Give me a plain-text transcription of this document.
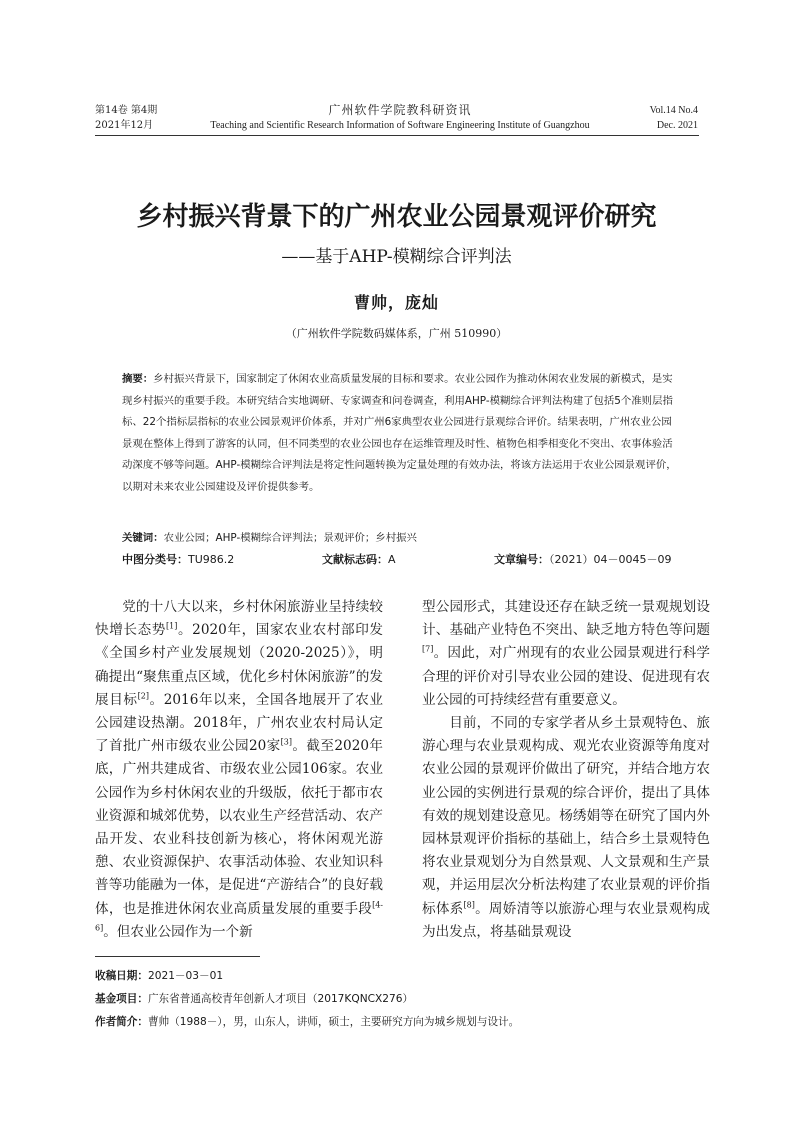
第14卷 第4期
2021年12月
广州软件学院教科研资讯
Teaching and Scientific Research Information of Software Engineering Institute of Guangzhou
Vol.14 No.4
Dec. 2021
乡村振兴背景下的广州农业公园景观评价研究
——基于AHP-模糊综合评判法
曹帅，庞灿
（广州软件学院数码媒体系，广州 510990）
摘要：乡村振兴背景下，国家制定了休闲农业高质量发展的目标和要求。农业公园作为推动休闲农业发展的新模式，是实现乡村振兴的重要手段。本研究结合实地调研、专家调查和问卷调查，利用AHP-模糊综合评判法构建了包括5个准则层指标、22个指标层指标的农业公园景观评价体系，并对广州6家典型农业公园进行景观综合评价。结果表明，广州农业公园景观在整体上得到了游客的认同，但不同类型的农业公园也存在运维管理及时性、植物色相季相变化不突出、农事体验活动深度不够等问题。AHP-模糊综合评判法是将定性问题转换为定量处理的有效办法，将该方法运用于农业公园景观评价，以期对未来农业公园建设及评价提供参考。
关键词：农业公园；AHP-模糊综合评判法；景观评价；乡村振兴
中图分类号：TU986.2	文献标志码：A	文章编号：（2021）04－0045－09

党的十八大以来，乡村休闲旅游业呈持续较快增长态势[1]。2020年，国家农业农村部印发《全国乡村产业发展规划（2020-2025）》，明确提出“聚焦重点区域，优化乡村休闲旅游”的发展目标[2]。2016年以来，全国各地展开了农业公园建设热潮。2018年，广州农业农村局认定了首批广州市级农业公园20家[3]。截至2020年底，广州共建成省、市级农业公园106家。农业公园作为乡村休闲农业的升级版，依托于都市农业资源和城郊优势，以农业生产经营活动、农产品开发、农业科技创新为核心，将休闲观光游憩、农业资源保护、农事活动体验、农业知识科普等功能融为一体，是促进“产游结合”的良好载体，也是推进休闲农业高质量发展的重要手段[4-6]。但农业公园作为一个新

型公园形式，其建设还存在缺乏统一景观规划设计、基础产业特色不突出、缺乏地方特色等问题[7]。因此，对广州现有的农业公园景观进行科学合理的评价对引导农业公园的建设、促进现有农业公园的可持续经营有重要意义。

目前，不同的专家学者从乡土景观特色、旅游心理与农业景观构成、观光农业资源等角度对农业公园的景观评价做出了研究，并结合地方农业公园的实例进行景观的综合评价，提出了具体有效的规划建设意见。杨绣娟等在研究了国内外园林景观评价指标的基础上，结合乡土景观特色将农业景观划分为自然景观、人文景观和生产景观，并运用层次分析法构建了农业景观的评价指标体系[8]。周娇清等以旅游心理与农业景观构成为出发点，将基础景观设

收稿日期：2021－03－01
基金项目：广东省普通高校青年创新人才项目（2017KQNCX276）
作者简介：曹帅（1988－），男，山东人，讲师，硕士，主要研究方向为城乡规划与设计。
